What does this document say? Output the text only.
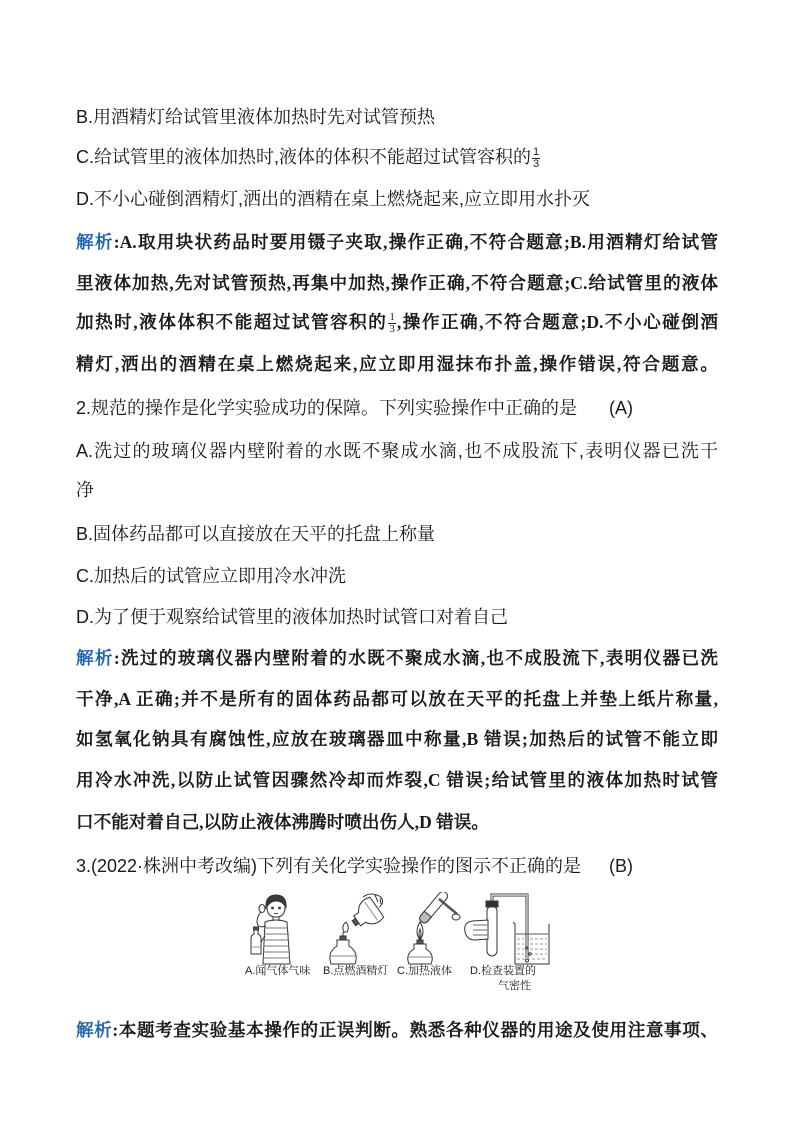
B.用酒精灯给试管里液体加热时先对试管预热
C.给试管里的液体加热时,液体的体积不能超过试管容积的 $\frac{1}{3}$
D.不小心碰倒酒精灯,洒出的酒精在桌上燃烧起来,应立即用水扑灭
解析:A.取用块状药品时要用镊子夹取,操作正确,不符合题意;B.用酒精灯给试管
里液体加热,先对试管预热,再集中加热,操作正确,不符合题意;C.给试管里的液体
加热时,液体体积不能超过试管容积的 $\frac{1}{3}$ ,操作正确,不符合题意;D.不小心碰倒酒
精灯,洒出的酒精在桌上燃烧起来,应立即用湿抹布扑盖,操作错误,符合题意。
2.规范的操作是化学实验成功的保障。下列实验操作中正确的是 (A)
A.洗过的玻璃仪器内壁附着的水既不聚成水滴,也不成股流下,表明仪器已洗干
净
B.固体药品都可以直接放在天平的托盘上称量
C.加热后的试管应立即用冷水冲洗
D.为了便于观察给试管里的液体加热时试管口对着自己
解析:洗过的玻璃仪器内壁附着的水既不聚成水滴,也不成股流下,表明仪器已洗
干净,A 正确;并不是所有的固体药品都可以放在天平的托盘上并垫上纸片称量,
如氢氧化钠具有腐蚀性,应放在玻璃器皿中称量,B 错误;加热后的试管不能立即
用冷水冲洗,以防止试管因骤然冷却而炸裂,C 错误;给试管里的液体加热时试管
口不能对着自己,以防止液体沸腾时喷出伤人,D 错误。
3.(2022·株洲中考改编)下列有关化学实验操作的图示不正确的是 (B)
A.闻气体气味 B.点燃酒精灯 C.加热液体 D.检查装置的
气密性
解析:本题考查实验基本操作的正误判断。熟悉各种仪器的用途及使用注意事项、
